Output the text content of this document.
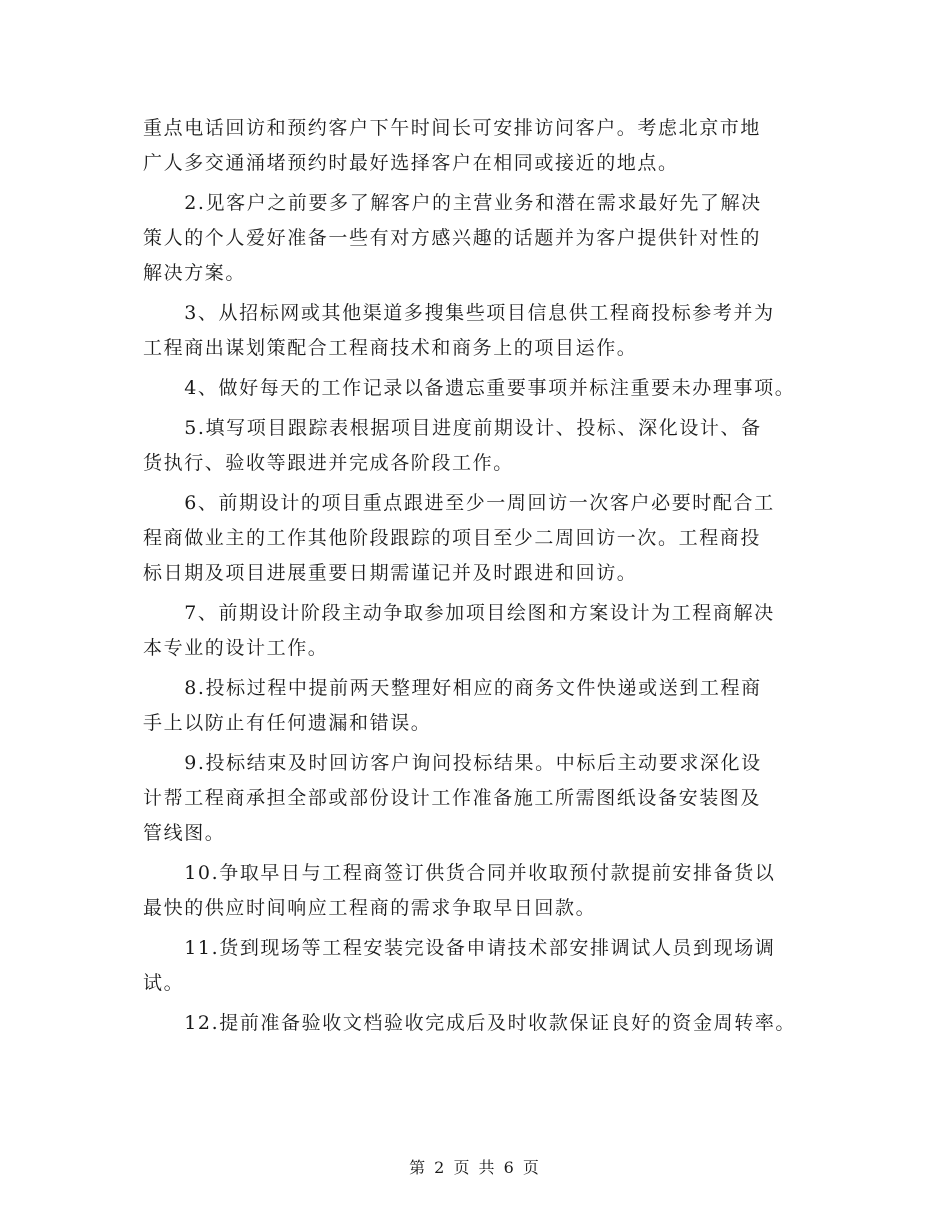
重点电话回访和预约客户下午时间长可安排访问客户。考虑北京市地
广人多交通涌堵预约时最好选择客户在相同或接近的地点。

　　2.见客户之前要多了解客户的主营业务和潜在需求最好先了解决
策人的个人爱好准备一些有对方感兴趣的话题并为客户提供针对性的
解决方案。

　　3、从招标网或其他渠道多搜集些项目信息供工程商投标参考并为
工程商出谋划策配合工程商技术和商务上的项目运作。

　　4、做好每天的工作记录以备遗忘重要事项并标注重要未办理事项。

　　5.填写项目跟踪表根据项目进度前期设计、投标、深化设计、备
货执行、验收等跟进并完成各阶段工作。

　　6、前期设计的项目重点跟进至少一周回访一次客户必要时配合工
程商做业主的工作其他阶段跟踪的项目至少二周回访一次。工程商投
标日期及项目进展重要日期需谨记并及时跟进和回访。

　　7、前期设计阶段主动争取参加项目绘图和方案设计为工程商解决
本专业的设计工作。

　　8.投标过程中提前两天整理好相应的商务文件快递或送到工程商
手上以防止有任何遗漏和错误。

　　9.投标结束及时回访客户询问投标结果。中标后主动要求深化设
计帮工程商承担全部或部份设计工作准备施工所需图纸设备安装图及
管线图。

　　10.争取早日与工程商签订供货合同并收取预付款提前安排备货以
最快的供应时间响应工程商的需求争取早日回款。

　　11.货到现场等工程安装完设备申请技术部安排调试人员到现场调
试。

　　12.提前准备验收文档验收完成后及时收款保证良好的资金周转率。

第 2 页 共 6 页
